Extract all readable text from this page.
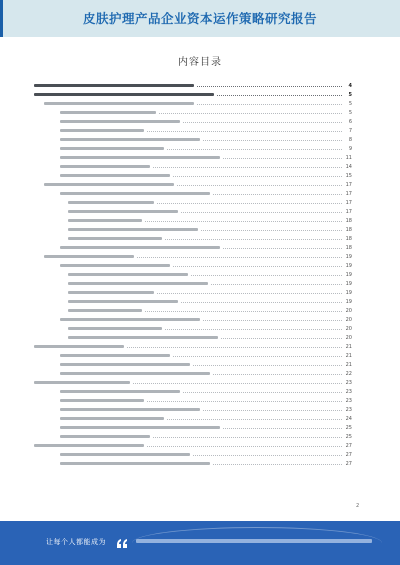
皮肤护理产品企业资本运作策略研究报告
内容目录
4
5
5
5
6
7
8
9
11
14
15
17
17
17
17
18
18
18
18
19
19
19
19
19
19
20
20
20
20
21
21
21
22
23
23
23
23
24
25
25
27
27
27
2
让每个人都能成为
